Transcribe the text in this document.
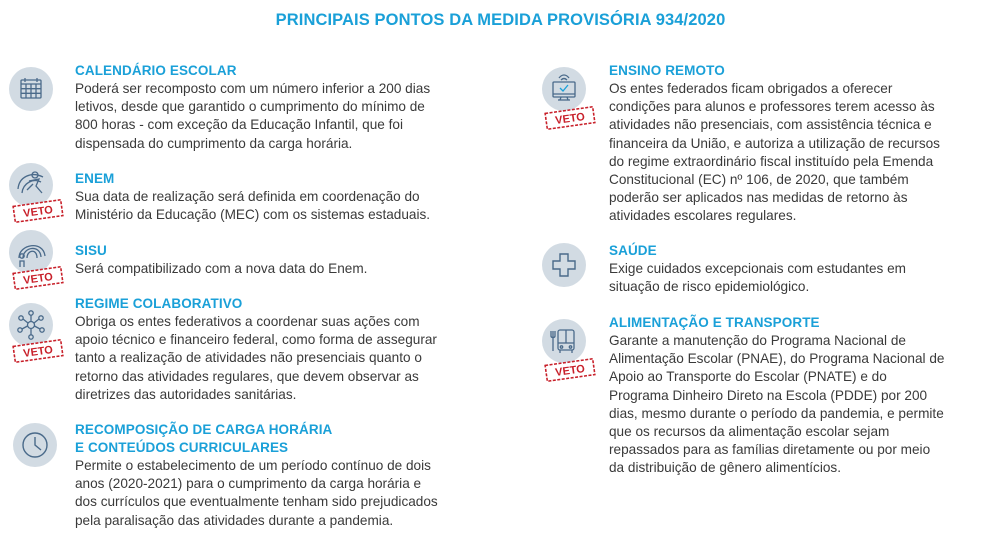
PRINCIPAIS PONTOS DA MEDIDA PROVISÓRIA 934/2020
CALENDÁRIO ESCOLAR
Poderá ser recomposto com um número inferior a 200 dias
letivos, desde que garantido o cumprimento do mínimo de
800 horas - com exceção da Educação Infantil, que foi
dispensada do cumprimento da carga horária.
VETO
ENEM
Sua data de realização será definida em coordenação do
Ministério da Educação (MEC) com os sistemas estaduais.
VETO
SISU
Será compatibilizado com a nova data do Enem.
VETO
REGIME COLABORATIVO
Obriga os entes federativos a coordenar suas ações com
apoio técnico e financeiro federal, como forma de assegurar
tanto a realização de atividades não presenciais quanto o
retorno das atividades regulares, que devem observar as
diretrizes das autoridades sanitárias.
RECOMPOSIÇÃO DE CARGA HORÁRIA
E CONTEÚDOS CURRICULARES
Permite o estabelecimento de um período contínuo de dois
anos (2020-2021) para o cumprimento da carga horária e
dos currículos que eventualmente tenham sido prejudicados
pela paralisação das atividades durante a pandemia.
VETO
ENSINO REMOTO
Os entes federados ficam obrigados a oferecer
condições para alunos e professores terem acesso às
atividades não presenciais, com assistência técnica e
financeira da União, e autoriza a utilização de recursos
do regime extraordinário fiscal instituído pela Emenda
Constitucional (EC) nº 106, de 2020, que também
poderão ser aplicados nas medidas de retorno às
atividades escolares regulares.
SAÚDE
Exige cuidados excepcionais com estudantes em
situação de risco epidemiológico.
VETO
ALIMENTAÇÃO E TRANSPORTE
Garante a manutenção do Programa Nacional de
Alimentação Escolar (PNAE), do Programa Nacional de
Apoio ao Transporte do Escolar (PNATE) e do
Programa Dinheiro Direto na Escola (PDDE) por 200
dias, mesmo durante o período da pandemia, e permite
que os recursos da alimentação escolar sejam
repassados para as famílias diretamente ou por meio
da distribuição de gênero alimentícios.
